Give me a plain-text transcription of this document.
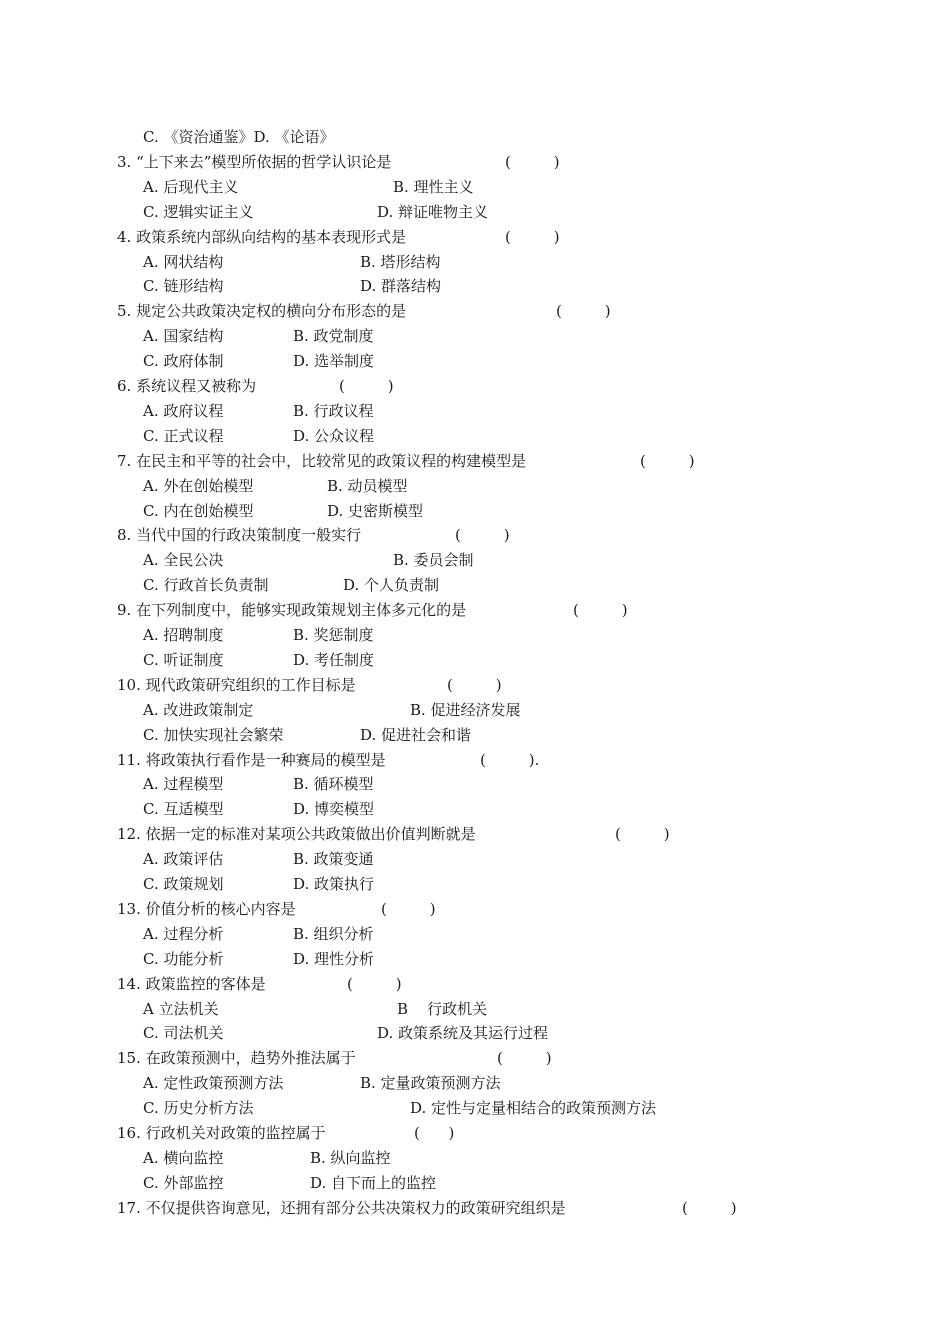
C. 《资治通鉴》D. 《论语》
3. “上下来去”模型所依据的哲学认识论是	(         )
A. 后现代主义	B. 理性主义
C. 逻辑实证主义	D. 辩证唯物主义
4. 政策系统内部纵向结构的基本表现形式是	(         )
A. 网状结构	B. 塔形结构
C. 链形结构	D. 群落结构
5. 规定公共政策决定权的横向分布形态的是	(         )
A. 国家结构	B. 政党制度
C. 政府体制	D. 选举制度
6. 系统议程又被称为	(         )
A. 政府议程	B. 行政议程
C. 正式议程	D. 公众议程
7. 在民主和平等的社会中，比较常见的政策议程的构建模型是	(         )
A. 外在创始模型	B. 动员模型
C. 内在创始模型	D. 史密斯模型
8. 当代中国的行政决策制度一般实行	(         )
A. 全民公决	B. 委员会制
C. 行政首长负责制	D. 个人负责制
9. 在下列制度中，能够实现政策规划主体多元化的是	(         )
A. 招聘制度	B. 奖惩制度
C. 听证制度	D. 考任制度
10. 现代政策研究组织的工作目标是	(         )
A. 改进政策制定	B. 促进经济发展
C. 加快实现社会繁荣	D. 促进社会和谐
11. 将政策执行看作是一种赛局的模型是	(         ).
A. 过程模型	B. 循环模型
C. 互适模型	D. 博奕模型
12. 依据一定的标准对某项公共政策做出价值判断就是	(         )
A. 政策评估	B. 政策变通
C. 政策规划	D. 政策执行
13. 价值分析的核心内容是	(         )
A. 过程分析	B. 组织分析
C. 功能分析	D. 理性分析
14. 政策监控的客体是	(         )
A 立法机关	B    行政机关
C. 司法机关	D. 政策系统及其运行过程
15. 在政策预测中，趋势外推法属于	(         )
A. 定性政策预测方法	B. 定量政策预测方法
C. 历史分析方法	D. 定性与定量相结合的政策预测方法
16. 行政机关对政策的监控属于	(      )
A. 横向监控	B. 纵向监控
C. 外部监控	D. 自下而上的监控
17. 不仅提供咨询意见，还拥有部分公共决策权力的政策研究组织是	(         )
